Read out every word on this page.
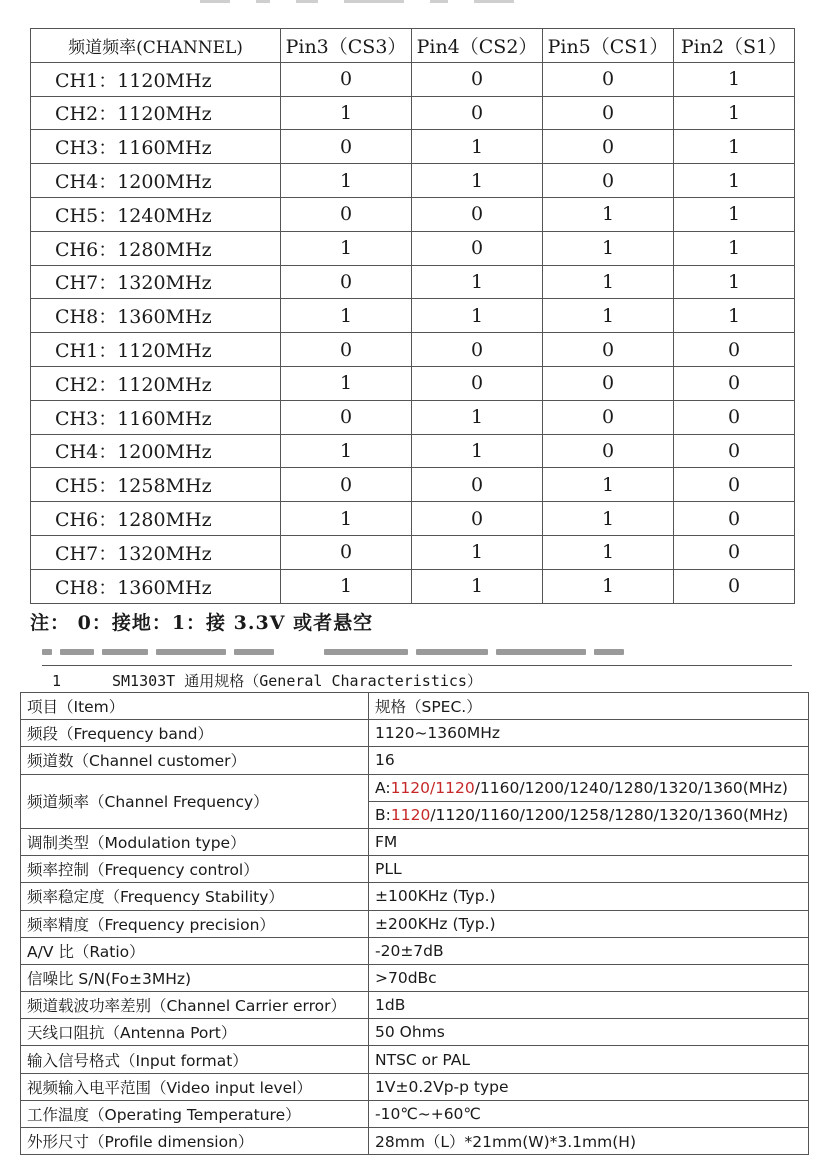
频道频率(CHANNEL)	Pin3（CS3）	Pin4（CS2）	Pin5（CS1）	Pin2（S1）
CH1：1120MHz	0	0	0	1
CH2：1120MHz	1	0	0	1
CH3：1160MHz	0	1	0	1
CH4：1200MHz	1	1	0	1
CH5：1240MHz	0	0	1	1
CH6：1280MHz	1	0	1	1
CH7：1320MHz	0	1	1	1
CH8：1360MHz	1	1	1	1
CH1：1120MHz	0	0	0	0
CH2：1120MHz	1	0	0	0
CH3：1160MHz	0	1	0	0
CH4：1200MHz	1	1	0	0
CH5：1258MHz	0	0	1	0
CH6：1280MHz	1	0	1	0
CH7：1320MHz	0	1	1	0
CH8：1360MHz	1	1	1	0
注： 0：接地：1：接 3.3V 或者悬空
1	SM1303T 通用规格（General Characteristics）
项目（Item）	规格（SPEC.）
频段（Frequency band）	1120~1360MHz
频道数（Channel customer）	16
频道频率（Channel Frequency）	A:1120/1120/1160/1200/1240/1280/1320/1360(MHz)
	B:1120/1120/1160/1200/1258/1280/1320/1360(MHz)
调制类型（Modulation type）	FM
频率控制（Frequency control）	PLL
频率稳定度（Frequency Stability）	±100KHz (Typ.)
频率精度（Frequency precision）	±200KHz (Typ.)
A/V 比（Ratio）	-20±7dB
信噪比 S/N(Fo±3MHz)	>70dBc
频道载波功率差别（Channel Carrier error）	1dB
天线口阻抗（Antenna Port）	50 Ohms
输入信号格式（Input format）	NTSC or PAL
视频输入电平范围（Video input level）	1V±0.2Vp-p type
工作温度（Operating Temperature）	-10℃~+60℃
外形尺寸（Profile dimension）	28mm（L）*21mm(W)*3.1mm(H)
